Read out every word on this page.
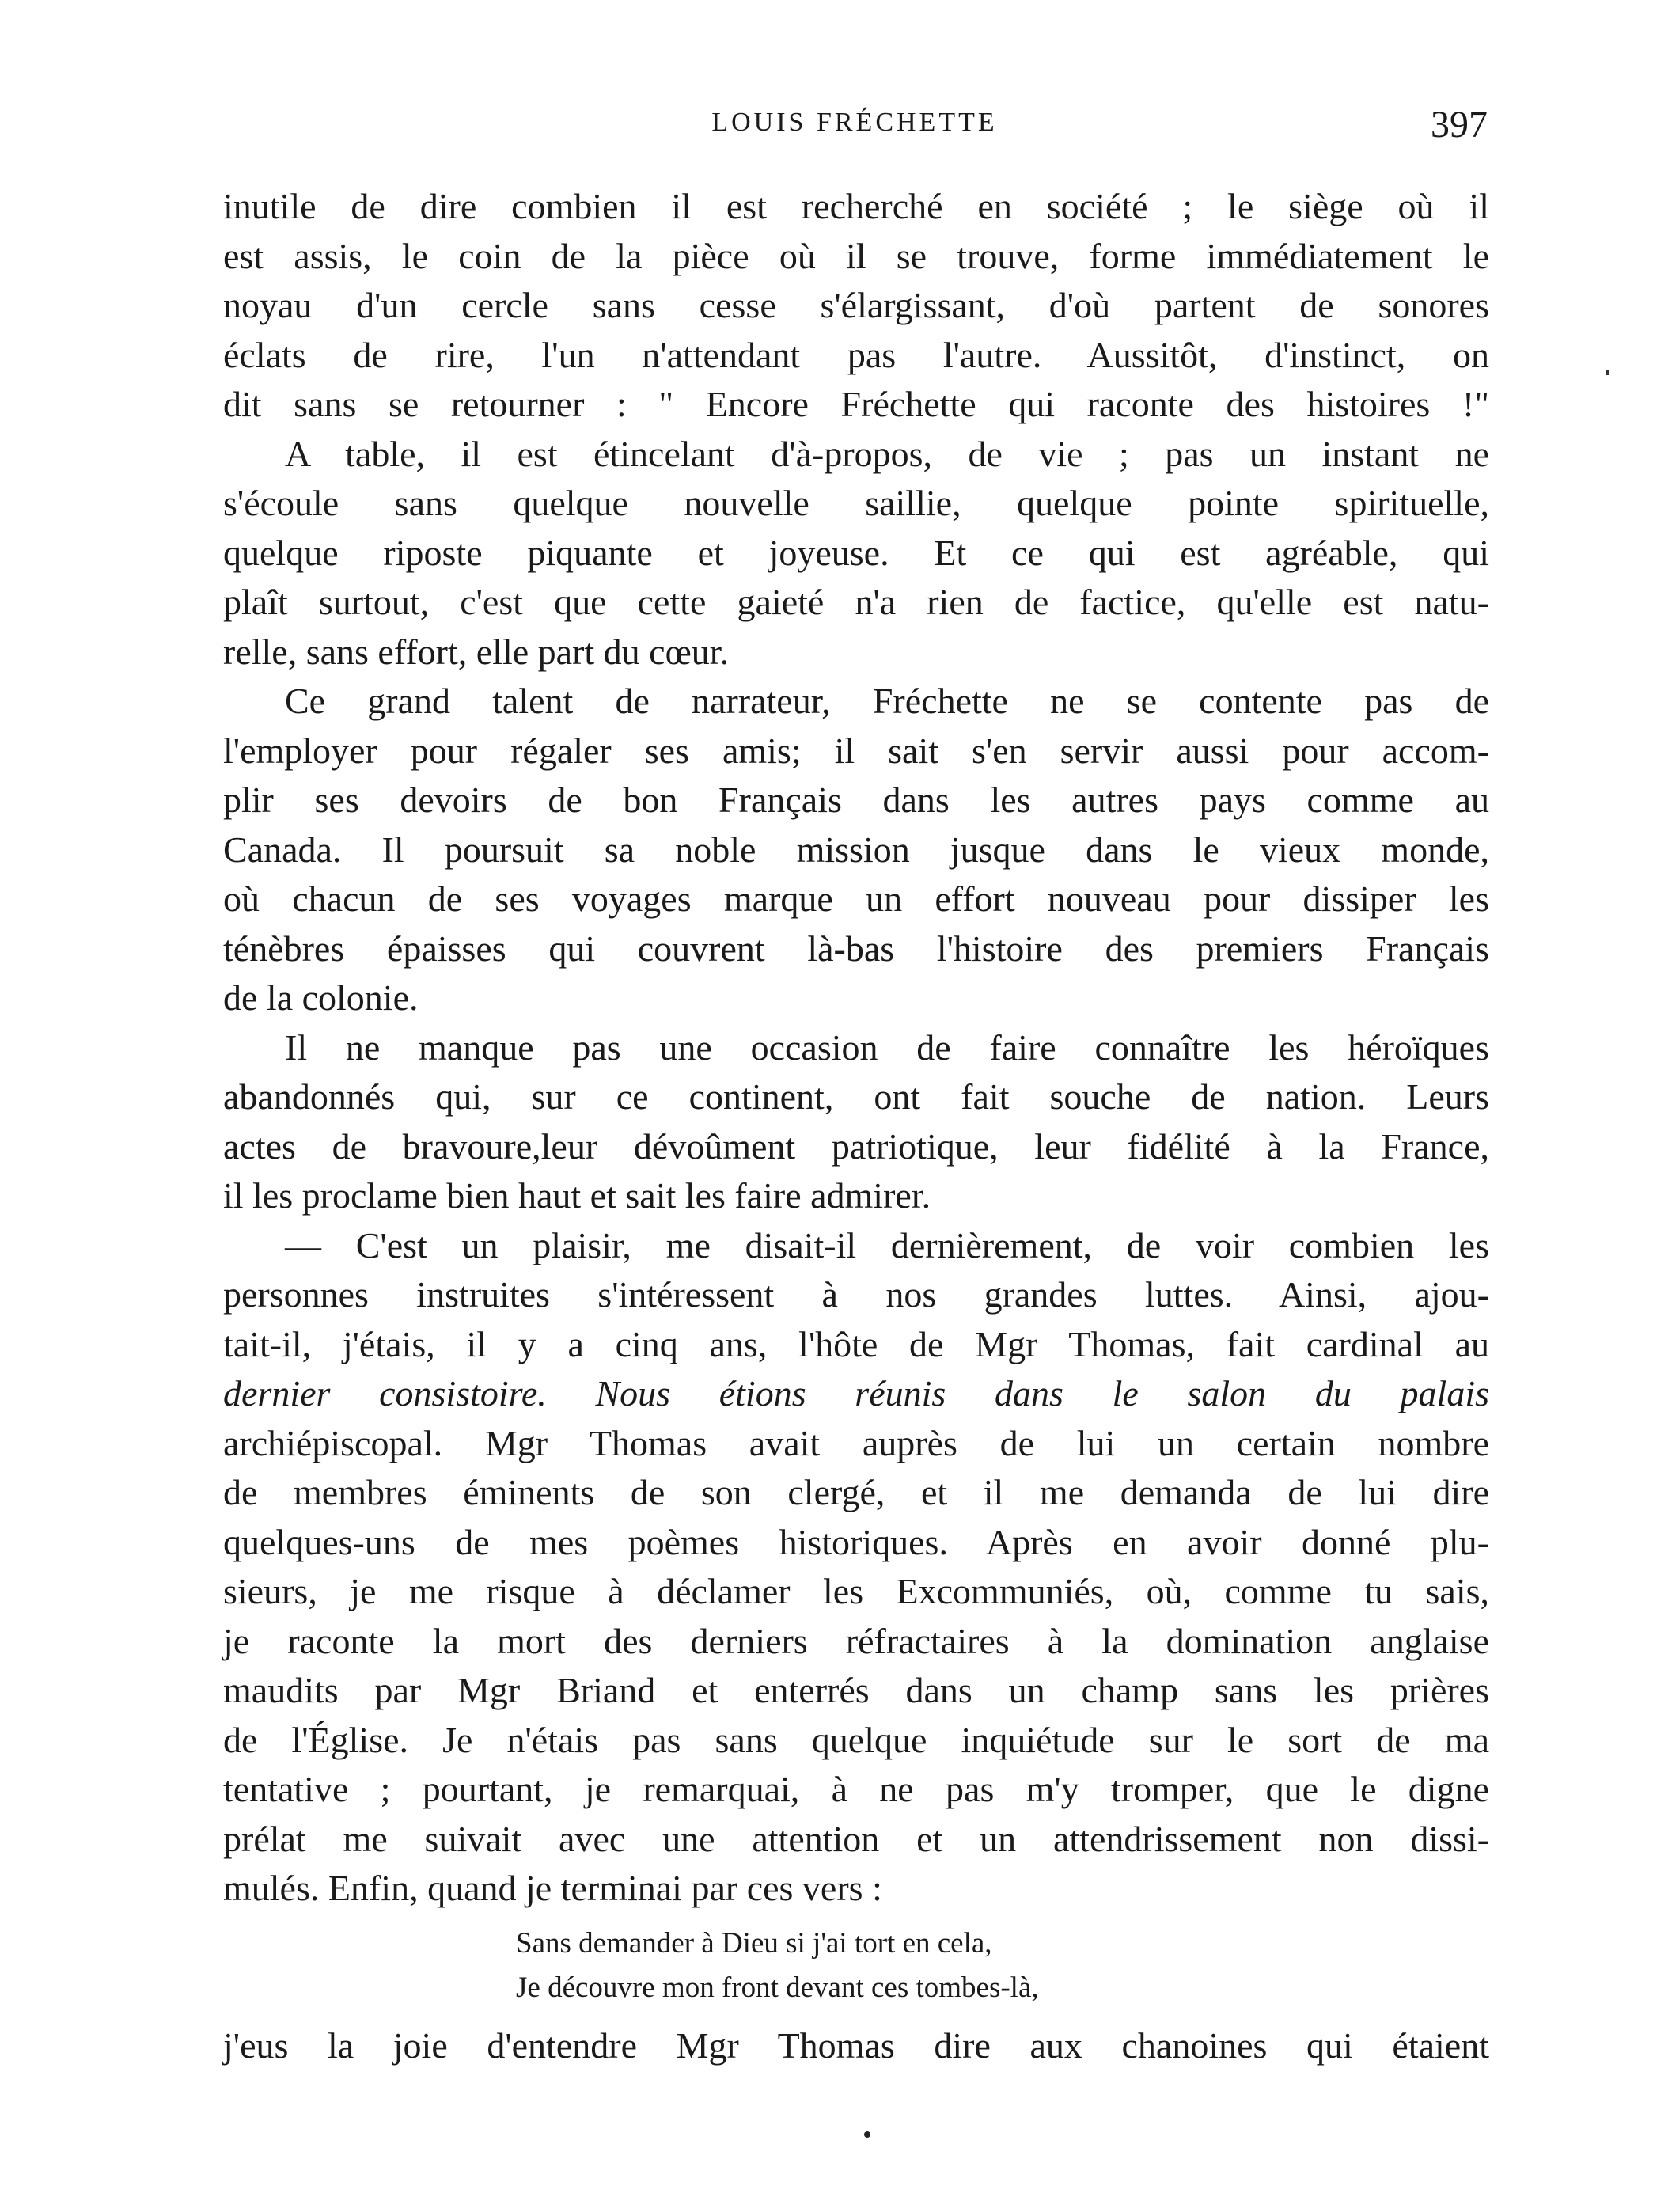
LOUIS FRÉCHETTE	397

inutile de dire combien il est recherché en société ; le siège où il
est assis, le coin de la pièce où il se trouve, forme immédiatement le
noyau d'un cercle sans cesse s'élargissant, d'où partent de sonores
éclats de rire, l'un n'attendant pas l'autre. Aussitôt, d'instinct, on
dit sans se retourner : " Encore Fréchette qui raconte des histoires !"

A table, il est étincelant d'à-propos, de vie ; pas un instant ne
s'écoule sans quelque nouvelle saillie, quelque pointe spirituelle,
quelque riposte piquante et joyeuse. Et ce qui est agréable, qui
plaît surtout, c'est que cette gaieté n'a rien de factice, qu'elle est natu-
relle, sans effort, elle part du cœur.

Ce grand talent de narrateur, Fréchette ne se contente pas de
l'employer pour régaler ses amis; il sait s'en servir aussi pour accom-
plir ses devoirs de bon Français dans les autres pays comme au
Canada. Il poursuit sa noble mission jusque dans le vieux monde,
où chacun de ses voyages marque un effort nouveau pour dissiper les
ténèbres épaisses qui couvrent là-bas l'histoire des premiers Français
de la colonie.

Il ne manque pas une occasion de faire connaître les héroïques
abandonnés qui, sur ce continent, ont fait souche de nation. Leurs
actes de bravoure,leur dévoûment patriotique, leur fidélité à la France,
il les proclame bien haut et sait les faire admirer.

— C'est un plaisir, me disait-il dernièrement, de voir combien les
personnes instruites s'intéressent à nos grandes luttes. Ainsi, ajou-
tait-il, j'étais, il y a cinq ans, l'hôte de Mgr Thomas, fait cardinal au
dernier consistoire. Nous étions réunis dans le salon du palais
archiépiscopal. Mgr Thomas avait auprès de lui un certain nombre
de membres éminents de son clergé, et il me demanda de lui dire
quelques-uns de mes poèmes historiques. Après en avoir donné plu-
sieurs, je me risque à déclamer les Excommuniés, où, comme tu sais,
je raconte la mort des derniers réfractaires à la domination anglaise
maudits par Mgr Briand et enterrés dans un champ sans les prières
de l'Église. Je n'étais pas sans quelque inquiétude sur le sort de ma
tentative ; pourtant, je remarquai, à ne pas m'y tromper, que le digne
prélat me suivait avec une attention et un attendrissement non dissi-
mulés. Enfin, quand je terminai par ces vers :

Sans demander à Dieu si j'ai tort en cela,
Je découvre mon front devant ces tombes-là,

j'eus la joie d'entendre Mgr Thomas dire aux chanoines qui étaient
